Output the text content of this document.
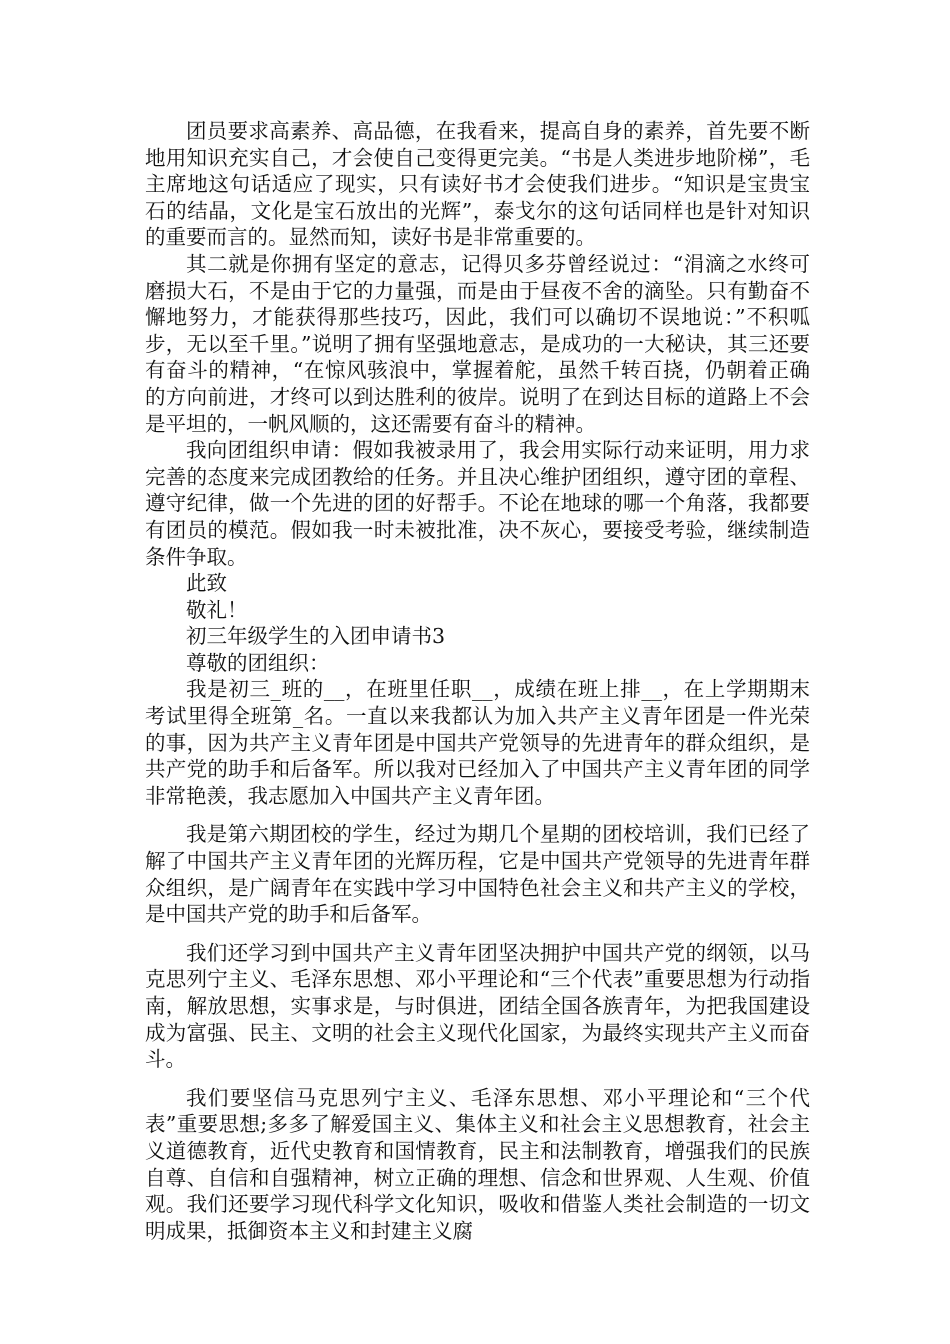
团员要求高素养、高品德，在我看来，提高自身的素养，首先要不断地用知识充实自己，才会使自己变得更完美。“书是人类进步地阶梯”，毛主席地这句话适应了现实，只有读好书才会使我们进步。“知识是宝贵宝石的结晶，文化是宝石放出的光辉”，泰戈尔的这句话同样也是针对知识的重要而言的。显然而知，读好书是非常重要的。

其二就是你拥有坚定的意志，记得贝多芬曾经说过：“涓滴之水终可磨损大石，不是由于它的力量强，而是由于昼夜不舍的滴坠。只有勤奋不懈地努力，才能获得那些技巧，因此，我们可以确切不误地说：”不积呱步，无以至千里。”说明了拥有坚强地意志，是成功的一大秘诀，其三还要有奋斗的精神，“在惊风骇浪中，掌握着舵，虽然千转百挠，仍朝着正确的方向前进，才终可以到达胜利的彼岸。说明了在到达目标的道路上不会是平坦的，一帆风顺的，这还需要有奋斗的精神。

我向团组织申请：假如我被录用了，我会用实际行动来证明，用力求完善的态度来完成团教给的任务。并且决心维护团组织，遵守团的章程、遵守纪律，做一个先进的团的好帮手。不论在地球的哪一个角落，我都要有团员的模范。假如我一时未被批准，决不灰心，要接受考验，继续制造条件争取。

此致

敬礼！

初三年级学生的入团申请书3

尊敬的团组织：

我是初三_班的__，在班里任职__，成绩在班上排__，在上学期期末考试里得全班第_名。一直以来我都认为加入共产主义青年团是一件光荣的事，因为共产主义青年团是中国共产党领导的先进青年的群众组织，是共产党的助手和后备军。所以我对已经加入了中国共产主义青年团的同学非常艳羡，我志愿加入中国共产主义青年团。

我是第六期团校的学生，经过为期几个星期的团校培训，我们已经了解了中国共产主义青年团的光辉历程，它是中国共产党领导的先进青年群众组织，是广阔青年在实践中学习中国特色社会主义和共产主义的学校，是中国共产党的助手和后备军。

我们还学习到中国共产主义青年团坚决拥护中国共产党的纲领，以马克思列宁主义、毛泽东思想、邓小平理论和“三个代表”重要思想为行动指南，解放思想，实事求是，与时俱进，团结全国各族青年，为把我国建设成为富强、民主、文明的社会主义现代化国家，为最终实现共产主义而奋斗。

我们要坚信马克思列宁主义、毛泽东思想、邓小平理论和“三个代表”重要思想;多多了解爱国主义、集体主义和社会主义思想教育，社会主义道德教育，近代史教育和国情教育，民主和法制教育，增强我们的民族自尊、自信和自强精神，树立正确的理想、信念和世界观、人生观、价值观。我们还要学习现代科学文化知识，吸收和借鉴人类社会制造的一切文明成果，抵御资本主义和封建主义腐
